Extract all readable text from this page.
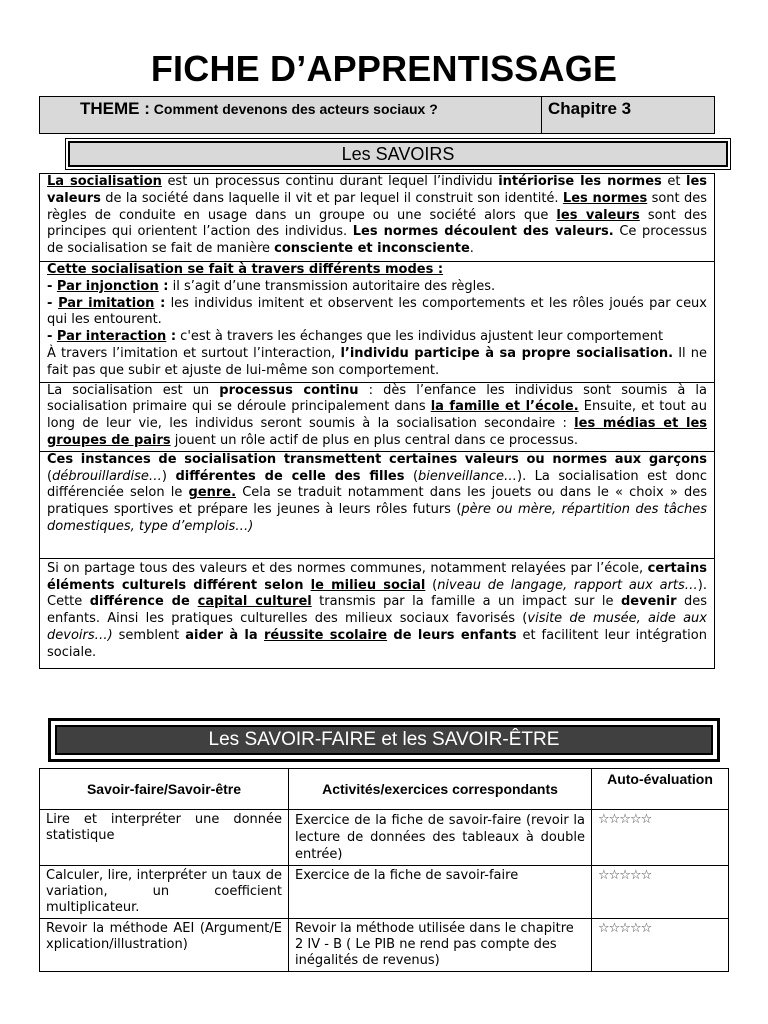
FICHE D’APPRENTISSAGE
THEME : Comment devenons des acteurs sociaux ?	Chapitre 3
Les SAVOIRS
La socialisation est un processus continu durant lequel l’individu intériorise les normes et les valeurs de la société dans laquelle il vit et par lequel il construit son identité. Les normes sont des règles de conduite en usage dans un groupe ou une société alors que les valeurs sont des principes qui orientent l’action des individus. Les normes découlent des valeurs. Ce processus de socialisation se fait de manière consciente et inconsciente.
Cette socialisation se fait à travers différents modes :
- Par injonction : il s’agit d’une transmission autoritaire des règles.
- Par imitation : les individus imitent et observent les comportements et les rôles joués par ceux qui les entourent.
- Par interaction : c'est à travers les échanges que les individus ajustent leur comportement
À travers l’imitation et surtout l’interaction, l’individu participe à sa propre socialisation. Il ne fait pas que subir et ajuste de lui-même son comportement.
La socialisation est un processus continu : dès l’enfance les individus sont soumis à la socialisation primaire qui se déroule principalement dans la famille et l’école. Ensuite, et tout au long de leur vie, les individus seront soumis à la socialisation secondaire : les médias et les groupes de pairs jouent un rôle actif de plus en plus central dans ce processus.
Ces instances de socialisation transmettent certaines valeurs ou normes aux garçons (débrouillardise…) différentes de celle des filles (bienveillance…). La socialisation est donc différenciée selon le genre. Cela se traduit notamment dans les jouets ou dans le « choix » des pratiques sportives et prépare les jeunes à leurs rôles futurs (père ou mère, répartition des tâches domestiques, type d’emplois…)
Si on partage tous des valeurs et des normes communes, notamment relayées par l’école, certains éléments culturels différent selon le milieu social (niveau de langage, rapport aux arts…). Cette différence de capital culturel transmis par la famille a un impact sur le devenir des enfants. Ainsi les pratiques culturelles des milieux sociaux favorisés (visite de musée, aide aux devoirs…) semblent aider à la réussite scolaire de leurs enfants et facilitent leur intégration sociale.
Les SAVOIR-FAIRE et les SAVOIR-ÊTRE
Savoir-faire/Savoir-être	Activités/exercices correspondants	Auto-évaluation
Lire et interpréter une donnée statistique	Exercice de la fiche de savoir-faire (revoir la lecture de données des tableaux à double entrée)	☆☆☆☆☆
Calculer, lire, interpréter un taux de variation, un coefficient multiplicateur.	Exercice de la fiche de savoir-faire	☆☆☆☆☆
Revoir la méthode AEI (Argument/Explication/illustration)	Revoir la méthode utilisée dans le chapitre 2 IV - B ( Le PIB ne rend pas compte des inégalités de revenus)	☆☆☆☆☆
